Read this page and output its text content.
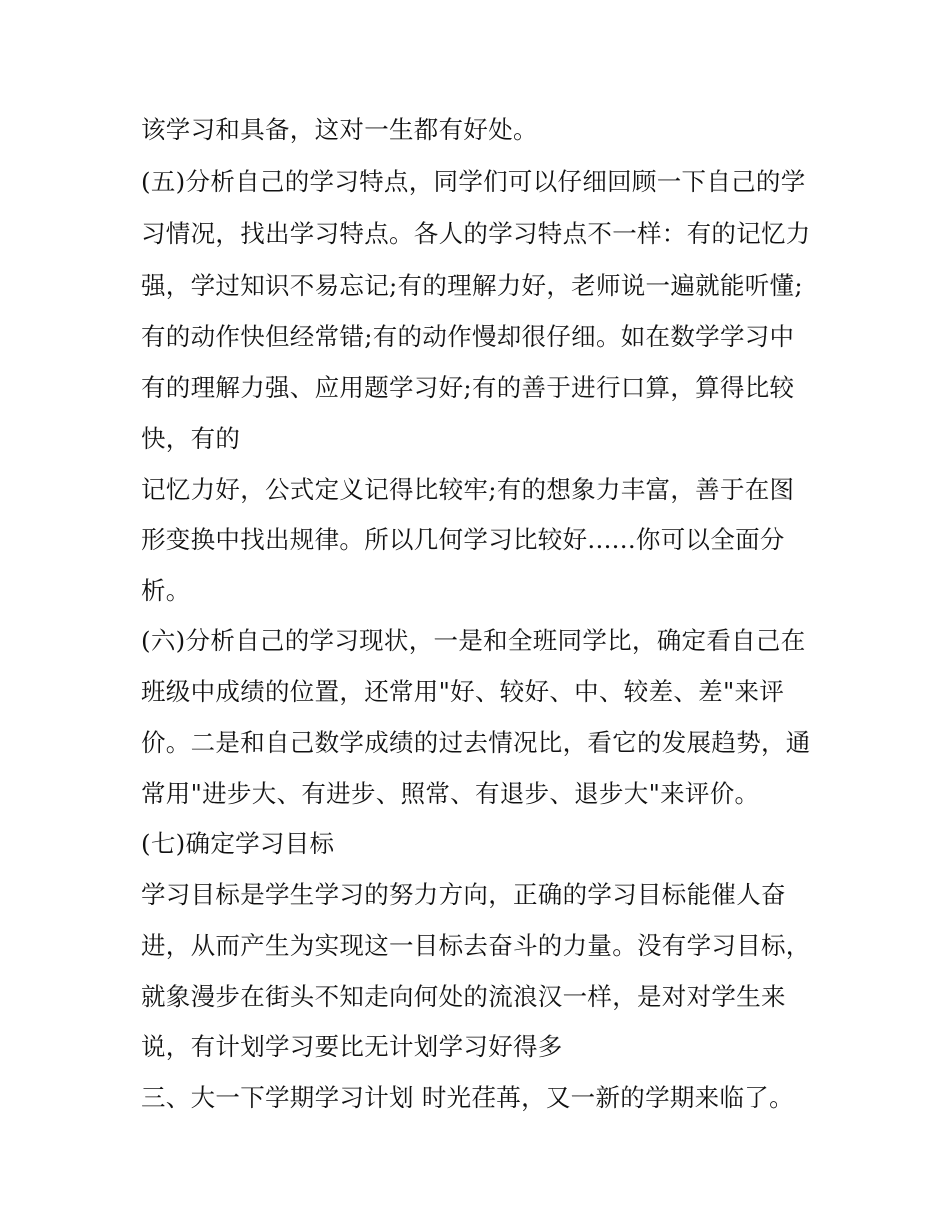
该学习和具备，这对一生都有好处。
(五)分析自己的学习特点，同学们可以仔细回顾一下自己的学
习情况，找出学习特点。各人的学习特点不一样：有的记忆力
强，学过知识不易忘记;有的理解力好，老师说一遍就能听懂;
有的动作快但经常错;有的动作慢却很仔细。如在数学学习中
有的理解力强、应用题学习好;有的善于进行口算，算得比较
快，有的
记忆力好，公式定义记得比较牢;有的想象力丰富，善于在图
形变换中找出规律。所以几何学习比较好......你可以全面分
析。
(六)分析自己的学习现状，一是和全班同学比，确定看自己在
班级中成绩的位置，还常用"好、较好、中、较差、差"来评
价。二是和自己数学成绩的过去情况比，看它的发展趋势，通
常用"进步大、有进步、照常、有退步、退步大"来评价。
(七)确定学习目标
学习目标是学生学习的努力方向，正确的学习目标能催人奋
进，从而产生为实现这一目标去奋斗的力量。没有学习目标，
就象漫步在街头不知走向何处的流浪汉一样，是对对学生来
说，有计划学习要比无计划学习好得多
三、大一下学期学习计划 时光荏苒，又一新的学期来临了。
